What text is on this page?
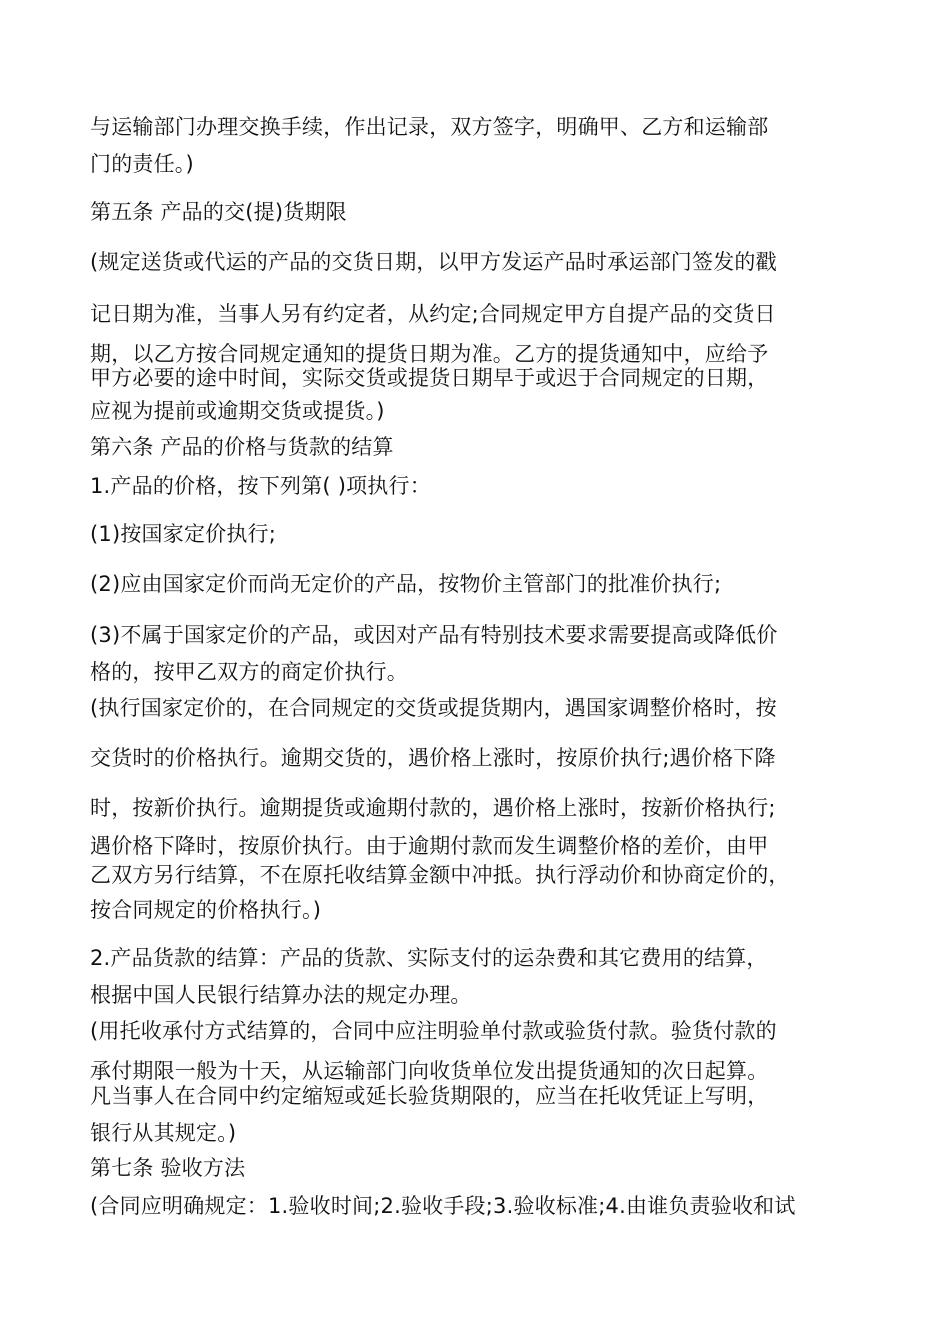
与运输部门办理交换手续，作出记录，双方签字，明确甲、乙方和运输部
门的责任。)
第五条 产品的交(提)货期限
(规定送货或代运的产品的交货日期，以甲方发运产品时承运部门签发的戳
记日期为准，当事人另有约定者，从约定;合同规定甲方自提产品的交货日
期，以乙方按合同规定通知的提货日期为准。乙方的提货通知中，应给予
甲方必要的途中时间，实际交货或提货日期早于或迟于合同规定的日期，
应视为提前或逾期交货或提货。)
第六条 产品的价格与货款的结算
1.产品的价格，按下列第( )项执行：
(1)按国家定价执行;
(2)应由国家定价而尚无定价的产品，按物价主管部门的批准价执行;
(3)不属于国家定价的产品，或因对产品有特别技术要求需要提高或降低价
格的，按甲乙双方的商定价执行。
(执行国家定价的，在合同规定的交货或提货期内，遇国家调整价格时，按
交货时的价格执行。逾期交货的，遇价格上涨时，按原价执行;遇价格下降
时，按新价执行。逾期提货或逾期付款的，遇价格上涨时，按新价格执行;
遇价格下降时，按原价执行。由于逾期付款而发生调整价格的差价，由甲
乙双方另行结算，不在原托收结算金额中冲抵。执行浮动价和协商定价的，
按合同规定的价格执行。)
2.产品货款的结算：产品的货款、实际支付的运杂费和其它费用的结算，
根据中国人民银行结算办法的规定办理。
(用托收承付方式结算的，合同中应注明验单付款或验货付款。验货付款的
承付期限一般为十天，从运输部门向收货单位发出提货通知的次日起算。
凡当事人在合同中约定缩短或延长验货期限的，应当在托收凭证上写明，
银行从其规定。)
第七条 验收方法
(合同应明确规定：1.验收时间;2.验收手段;3.验收标准;4.由谁负责验收和试
